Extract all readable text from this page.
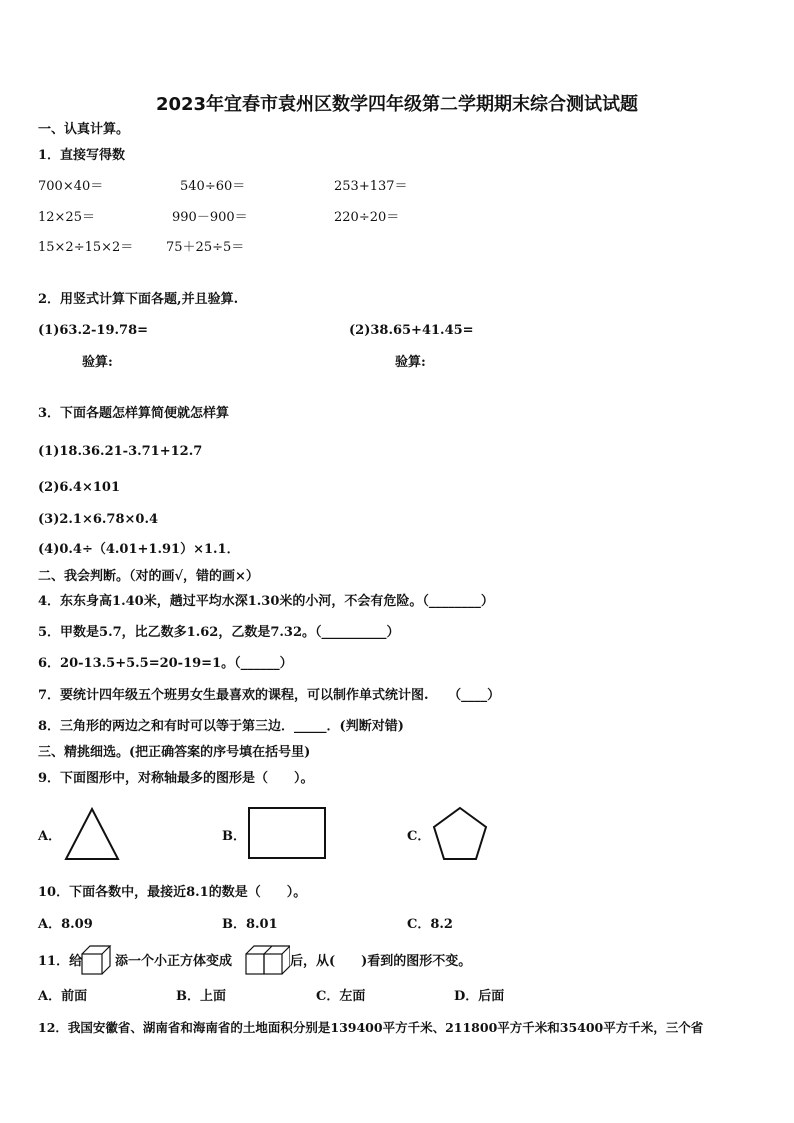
2023年宜春市袁州区数学四年级第二学期期末综合测试试题
一、认真计算。
1．直接写得数
700×40＝	540÷60＝	253+137＝
12×25＝	990－900＝	220÷20＝
15×2÷15×2＝	75＋25÷5＝
2．用竖式计算下面各题,并且验算.
(1)63.2-19.78=	(2)38.65+41.45=
验算:	验算:
3．下面各题怎样算简便就怎样算
(1)18.36.21-3.71+12.7
(2)6.4×101
(3)2.1×6.78×0.4
(4)0.4÷（4.01+1.91）×1.1．
二、我会判断。（对的画√，错的画×）
4．东东身高1.40米，趟过平均水深1.30米的小河，不会有危险。（________）
5．甲数是5.7，比乙数多1.62，乙数是7.32。（__________）
6．20-13.5+5.5=20-19=1。（______）
7．要统计四年级五个班男女生最喜欢的课程，可以制作单式统计图.　　（____）
8．三角形的两边之和有时可以等于第三边．_____．(判断对错)
三、精挑细选。(把正确答案的序号填在括号里)
9．下面图形中，对称轴最多的图形是（　　）。
A．	B．	C．
10．下面各数中，最接近8.1的数是（　　）。
A．8.09	B．8.01	C．8.2
11．给	添一个小正方体变成	后，从(　　)看到的图形不变。
A．前面	B．上面	C．左面	D．后面
12．我国安徽省、湖南省和海南省的土地面积分别是139400平方千米、211800平方千米和35400平方千米，三个省
